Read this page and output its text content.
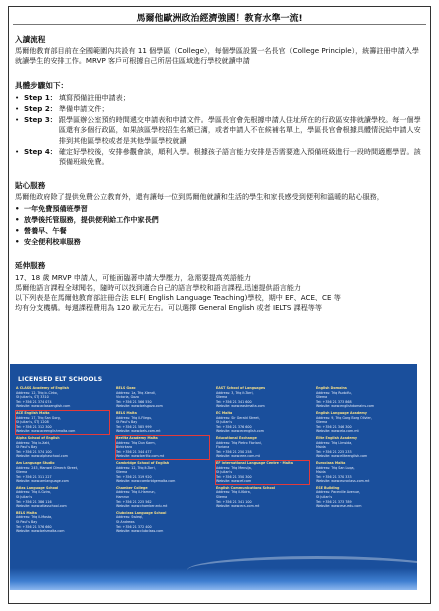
馬爾他歐洲政治經濟強國！教育水準一流!
入讀流程
馬爾他教育部目前在全國範圍內共設有 11 個學區（College），每個學區設置一名長官（College Principle），統籌註冊申請入學就讀學生的安排工作。MRVP 客戶可根據自己所居住區域進行學校就讀申請
具體步驟如下：
• Step 1： 填寫預備註冊申請表；
• Step 2： 準備申請文件；
• Step 3： 跟學區辦公室預約時間遞交申請表和申請文件。學區長官會先根據申請人住址所在的行政區安排就讀學校。每一個學區還有多個行政區，如果該區學校招生名額已滿，或者申請人不在候補名單上，學區長官會根據具體情況給申請人安排到其他區學校或者是其他學區學校就讀
• Step 4： 確定好學校後，安排參觀會談，順利入學。根據孩子語言能力安排是否需要進入預備班級進行一段時間適應學習。該預備班級免費。
貼心服務
馬爾他政府除了提供免費公立教育外，還有讓每一位到馬爾他就讀和生活的學生和家長感受到便利和溫暖的貼心服務，
• 一年免費預備班學習
• 放學後托管服務，提供便利給工作中家長們
• 營養早、午餐
• 安全便利校車服務
延伸服務
17、18 歲 MRVP 申請人，可能面臨著申請大學壓力，急需要提高英語能力
馬爾他語言課程全球聞名，隨時可以找到適合自己的語言學校和語言課程,迅速提供語言能力
以下列表是在馬爾他教育部註冊合法 ELF( English Language Teaching)學校，期中 EF、ACE、CE 等
均有分支機構。每週課程費用為 120 歐元左右。可以選擇 General English 或者 IELTS 課程等等
LICENSED ELT SCHOOLS
A CLASS Academy of English
Address: 12, Triq ic-Cirko,
St Julian's, STJ 3310
Tel: +356 21 374 074
Website: www.aclassenglish.com
ACE English Malta
Address: 17, Triq San Gorg,
St Julian's, STJ 1208
Tel: +356 21 312 300
Website: www.aceenglishmalta.com
Alpha School of English
Address: Triq ix-Xatt,
St Paul's Bay
Tel: +356 21 574 100
Website: www.alphaschool.com
Am Language Studio
Address: 245, Manwel Dimech Street,
Sliema
Tel: +356 21 311 227
Website: www.amlanguage.com
Atlas Language School
Address: Triq il-Gzira,
St Julian's
Tel: +356 21 386 116
Website: www.atlasschool.com
BELS Malta
Address: Triq il-Mosta,
St Paul's Bay
Tel: +356 21 576 660
Website: www.belsmalta.com
BELS Gozo
Address: 1a, Triq Xlendi,
Victoria, Gozo
Tel: +356 21 566 550
Website: www.belsgozo.com
BELS Malta
Address: Triq il-Fliegu,
St Paul's Bay
Tel: +356 21 585 999
Website: www.bels.com.mt
Berlitz Academy Malta
Address: Triq Dun Karm,
Birkirkara
Tel: +356 21 344 477
Website: www.berlitz.com.mt
Cambridge School of English
Address: 12, Triq it-Torri,
Sliema
Tel: +356 21 319 920
Website: www.cambridgemalta.com
Chamber College
Address: Triq il-Hamrun,
Hamrun
Tel: +356 21 225 562
Website: www.chamber.edu.mt
Clubclass Language School
Address: Swieqi,
St Andrews
Tel: +356 21 372 400
Website: www.clubclass.com
EAST School of Languages
Address: 3, Triq it-Torri,
Sliema
Tel: +356 21 341 600
Website: www.eastmalta.com
EC Malta
Address: Sir Gerald Street,
St Julian's
Tel: +356 21 376 600
Website: www.ecenglish.com
Educational Exchange
Address: Triq Pietro Floriani,
Floriana
Tel: +356 21 250 258
Website: www.eee.com.mt
EF International Language Centre - Malta
Address: Triq Mensija,
St Julian's
Tel: +356 21 350 300
Website: www.ef.com
English Communications School
Address: Triq il-Kbira,
Sliema
Tel: +356 21 341 100
Website: www.ecs.com.mt
English Domains
Address: Triq Rudolfu,
Sliema
Tel: +356 21 373 868
Website: www.englishdomains.com
English Language Academy
Address: 9, Triq Gorg Borg Olivier,
Sliema
Tel: +356 21 346 300
Website: www.ela.com.mt
Elite English Academy
Address: Triq l-Imsida,
Msida
Tel: +356 21 225 233
Website: www.eliteenglish.com
Euroclass Malta
Address: Triq San Luqa,
Msida
Tel: +356 21 370 333
Website: www.euroclass.com.mt
ESE Building
Address: Paceville Avenue,
St Julian's
Tel: +356 21 373 789
Website: www.ese-edu.com
